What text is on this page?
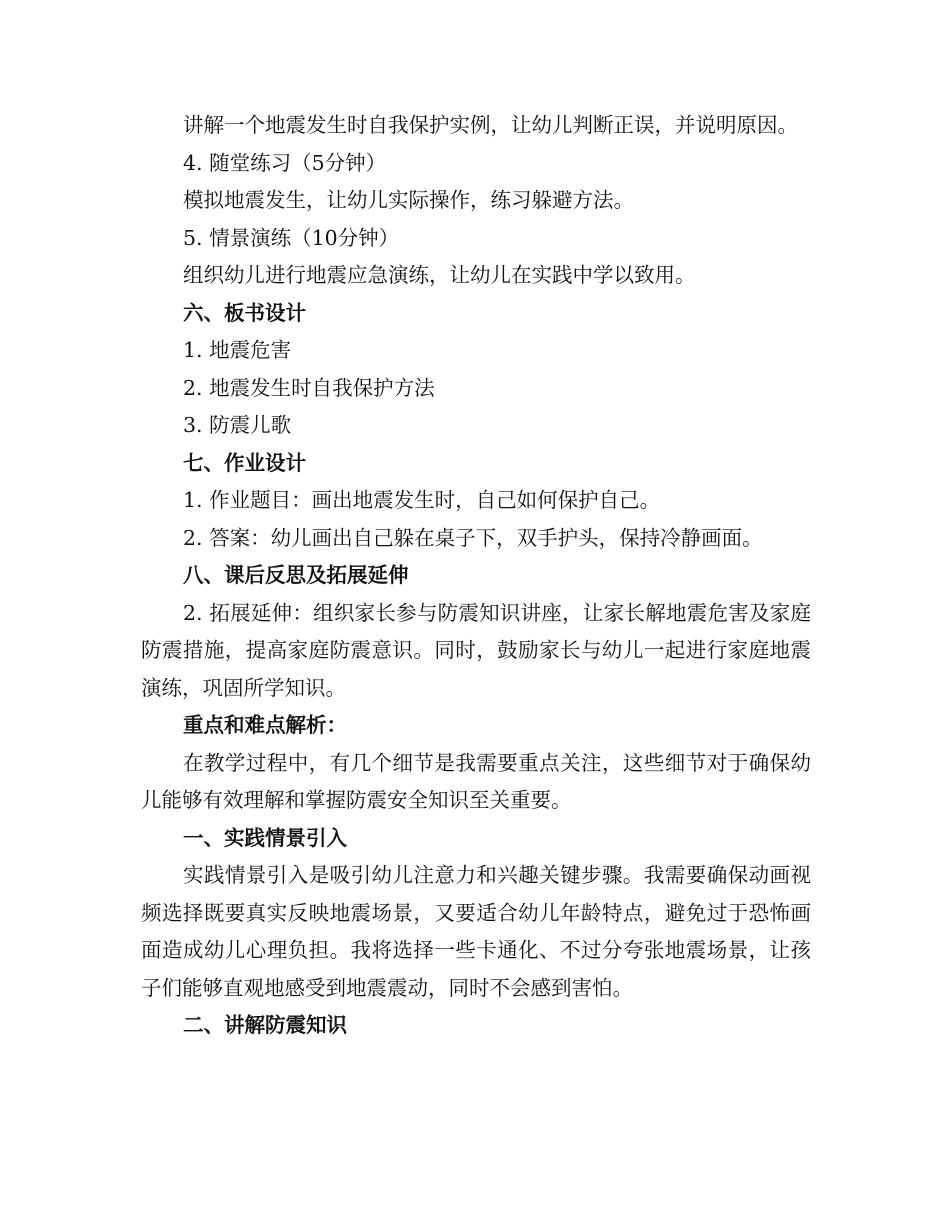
讲解一个地震发生时自我保护实例，让幼儿判断正误，并说明原因。

4. 随堂练习（5分钟）

模拟地震发生，让幼儿实际操作，练习躲避方法。

5. 情景演练（10分钟）

组织幼儿进行地震应急演练，让幼儿在实践中学以致用。

六、板书设计

1. 地震危害

2. 地震发生时自我保护方法

3. 防震儿歌

七、作业设计

1. 作业题目：画出地震发生时，自己如何保护自己。

2. 答案：幼儿画出自己躲在桌子下，双手护头，保持冷静画面。

八、课后反思及拓展延伸

2. 拓展延伸：组织家长参与防震知识讲座，让家长解地震危害及家庭防震措施，提高家庭防震意识。同时，鼓励家长与幼儿一起进行家庭地震演练，巩固所学知识。

重点和难点解析：

在教学过程中，有几个细节是我需要重点关注，这些细节对于确保幼儿能够有效理解和掌握防震安全知识至关重要。

一、实践情景引入

实践情景引入是吸引幼儿注意力和兴趣关键步骤。我需要确保动画视频选择既要真实反映地震场景，又要适合幼儿年龄特点，避免过于恐怖画面造成幼儿心理负担。我将选择一些卡通化、不过分夸张地震场景，让孩子们能够直观地感受到地震震动，同时不会感到害怕。

二、讲解防震知识
